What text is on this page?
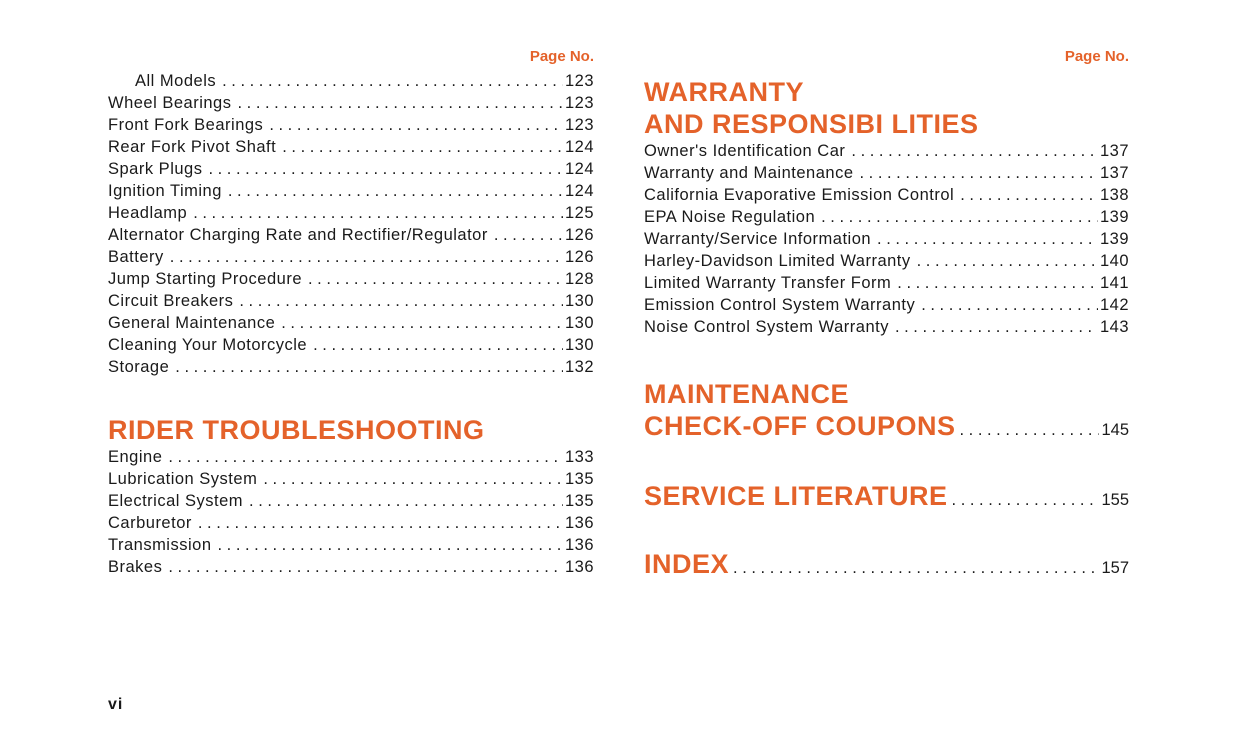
Page No.
All Models . . .	123
Wheel Bearings . . .	123
Front Fork Bearings . . .	123
Rear Fork Pivot Shaft . . .	124
Spark Plugs . . .	124
Ignition Timing . . .	124
Headlamp . . .	125
Alternator Charging Rate and Rectifier/Regulator . . .	126
Battery . . .	126
Jump Starting Procedure . . .	128
Circuit Breakers . . .	130
General Maintenance . . .	130
Cleaning Your Motorcycle . . .	130
Storage . . .	132
RIDER TROUBLESHOOTING
Engine . . .	133
Lubrication System . . .	135
Electrical System . . .	135
Carburetor . . .	136
Transmission . . .	136
Brakes . . .	136
Page No.
WARRANTY
AND RESPONSIBI LITIES
Owner's Identification Car . . .	137
Warranty and Maintenance . . .	137
California Evaporative Emission Control . . .	138
EPA Noise Regulation . . .	139
Warranty/Service Information . . .	139
Harley-Davidson Limited Warranty . . .	140
Limited Warranty Transfer Form . . .	141
Emission Control System Warranty . . .	142
Noise Control System Warranty . . .	143
MAINTENANCE
CHECK-OFF COUPONS . . .	145
SERVICE LITERATURE . . .	155
INDEX . . .	157
vi
